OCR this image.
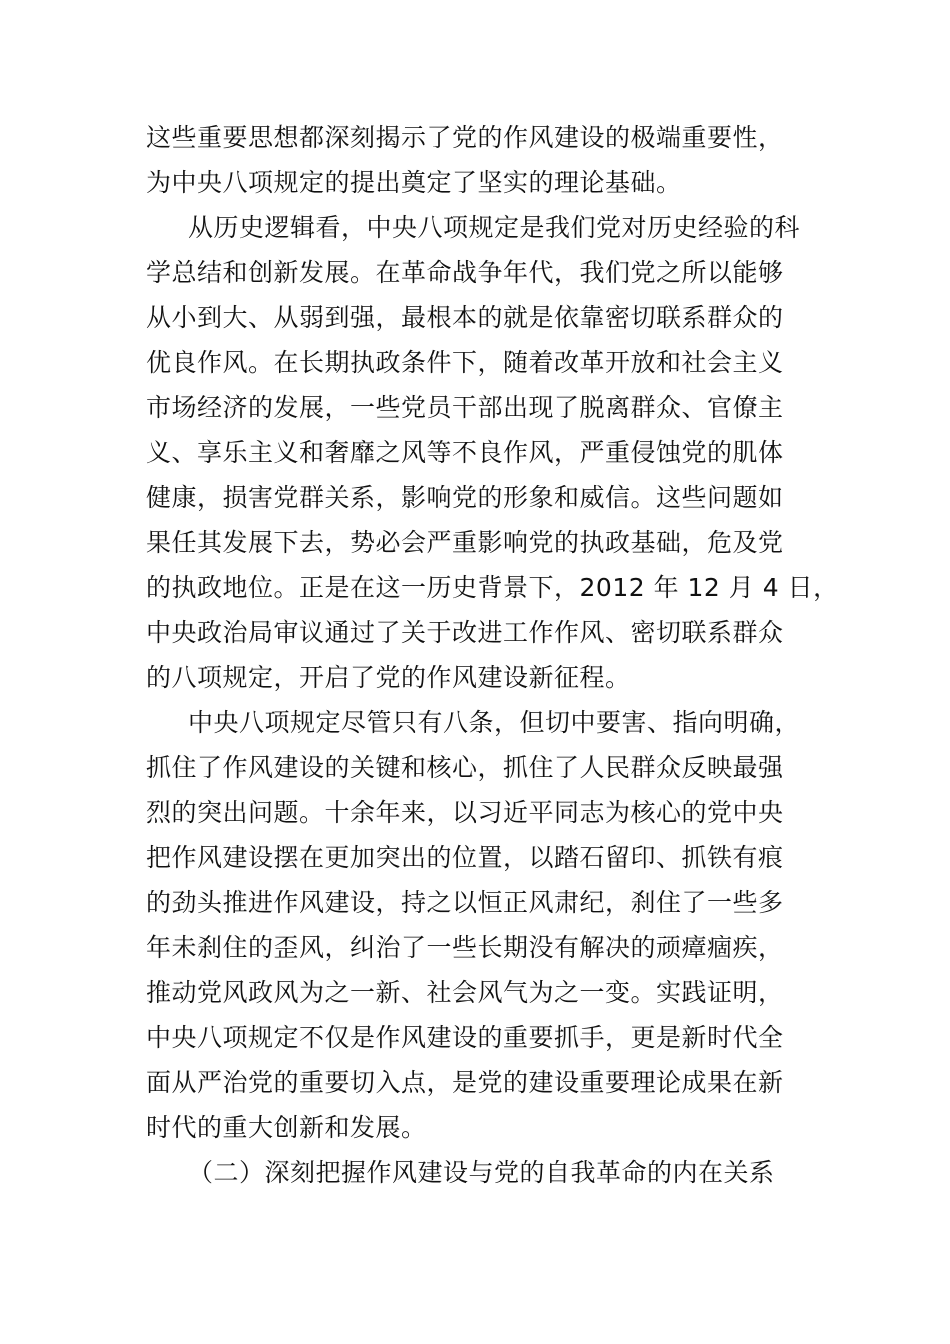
这些重要思想都深刻揭示了党的作风建设的极端重要性，
为中央八项规定的提出奠定了坚实的理论基础。
从历史逻辑看，中央八项规定是我们党对历史经验的科
学总结和创新发展。在革命战争年代，我们党之所以能够
从小到大、从弱到强，最根本的就是依靠密切联系群众的
优良作风。在长期执政条件下，随着改革开放和社会主义
市场经济的发展，一些党员干部出现了脱离群众、官僚主
义、享乐主义和奢靡之风等不良作风，严重侵蚀党的肌体
健康，损害党群关系，影响党的形象和威信。这些问题如
果任其发展下去，势必会严重影响党的执政基础，危及党
的执政地位。正是在这一历史背景下，2012 年 12 月 4 日，
中央政治局审议通过了关于改进工作作风、密切联系群众
的八项规定，开启了党的作风建设新征程。
中央八项规定尽管只有八条，但切中要害、指向明确，
抓住了作风建设的关键和核心，抓住了人民群众反映最强
烈的突出问题。十余年来，以习近平同志为核心的党中央
把作风建设摆在更加突出的位置，以踏石留印、抓铁有痕
的劲头推进作风建设，持之以恒正风肃纪，刹住了一些多
年未刹住的歪风，纠治了一些长期没有解决的顽瘴痼疾，
推动党风政风为之一新、社会风气为之一变。实践证明，
中央八项规定不仅是作风建设的重要抓手，更是新时代全
面从严治党的重要切入点，是党的建设重要理论成果在新
时代的重大创新和发展。
（二）深刻把握作风建设与党的自我革命的内在关系
